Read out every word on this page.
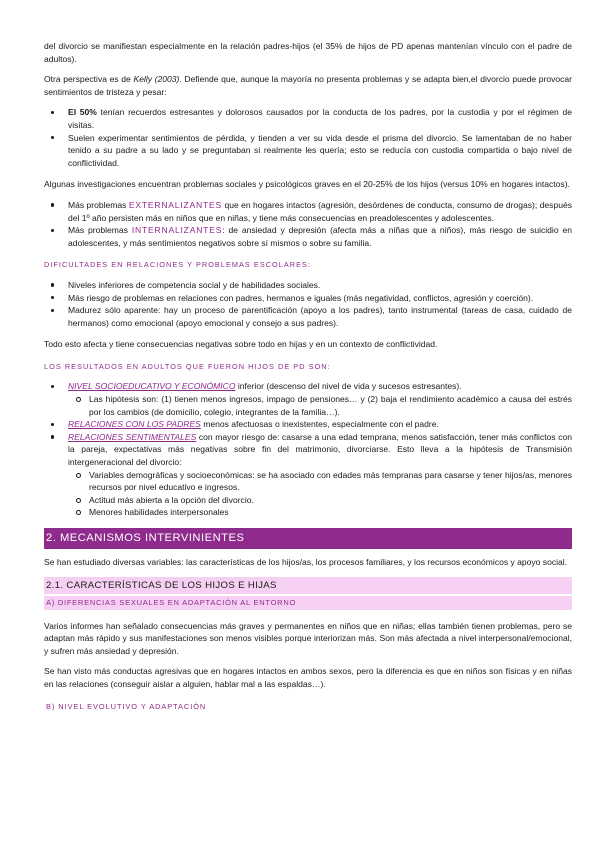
del divorcio se manifiestan especialmente en la relación padres-hijos (el 35% de hijos de PD apenas mantenían vínculo con el padre de adultos).

Otra perspectiva es de Kelly (2003). Defiende que, aunque la mayoría no presenta problemas y se adapta bien,el divorcio puede provocar sentimientos de tristeza y pesar:

El 50% tenían recuerdos estresantes y dolorosos causados por la conducta de los padres, por la custodia y por el régimen de visitas.
Suelen experimentar sentimientos de pérdida, y tienden a ver su vida desde el prisma del divorcio. Se lamentaban de no haber tenido a su padre a su lado y se preguntaban si realmente les quería; esto se reducía con custodia compartida o bajo nivel de conflictividad.

Algunas investigaciones encuentran problemas sociales y psicológicos graves en el 20-25% de los hijos (versus 10% en hogares intactos).

Más problemas EXTERNALIZANTES que en hogares intactos (agresión, desórdenes de conducta, consumo de drogas); después del 1º año persisten más en niños que en niñas, y tiene más consecuencias en preadolescentes y adolescentes.
Más problemas INTERNALIZANTES: de ansiedad y depresión (afecta más a niñas que a niños), más riesgo de suicidio en adolescentes, y más sentimientos negativos sobre sí mismos o sobre su familia.
DIFICULTADES EN RELACIONES Y PROBLEMAS ESCOLARES:
Niveles inferiores de competencia social y de habilidades sociales.
Más riesgo de problemas en relaciones con padres, hermanos e iguales (más negatividad, conflictos, agresión y coerción).
Madurez sólo aparente: hay un proceso de parentificación (apoyo a los padres), tanto instrumental (tareas de casa, cuidado de hermanos) como emocional (apoyo emocional y consejo a sus padres).

Todo esto afecta y tiene consecuencias negativas sobre todo en hijas y en un contexto de conflictividad.

LOS RESULTADOS EN ADULTOS QUE FUERON HIJOS DE PD SON:
NIVEL SOCIOEDUCATIVO Y ECONÓMICO inferior (descenso del nivel de vida y sucesos estresantes).
Las hipótesis son: (1) tienen menos ingresos, impago de pensiones… y (2) baja el rendimiento académico a causa del estrés por los cambios (de domicilio, colegio, integrantes de la familia…).
RELACIONES CON LOS PADRES menos afectuosas o inexistentes, especialmente con el padre.
RELACIONES SENTIMENTALES con mayor riesgo de: casarse a una edad temprana, menos satisfacción, tener más conflictos con la pareja, expectativas más negativas sobre fin del matrimonio, divorciarse. Esto lleva a la hipótesis de Transmisión intergeneracional del divorcio:
Variables demográficas y socioeconómicas: se ha asociado con edades más tempranas para casarse y tener hijos/as, menores recursos por nivel educativo e ingresos.
Actitud más abierta a la opción del divorcio.
Menores habilidades interpersonales
2. MECANISMOS INTERVINIENTES

Se han estudiado diversas variables: las características de los hijos/as, los procesos familiares, y los recursos económicos y apoyo social.

2.1. CARACTERÍSTICAS DE LOS HIJOS E HIJAS
A) DIFERENCIAS SEXUALES EN ADAPTACIÓN AL ENTORNO

Varios informes han señalado consecuencias más graves y permanentes en niños que en niñas; ellas también tienen problemas, pero se adaptan más rápido y sus manifestaciones son menos visibles porque interiorizan más. Son más afectada a nivel interpersonal/emocional, y sufren más ansiedad y depresión.

Se han visto más conductas agresivas que en hogares intactos en ambos sexos, pero la diferencia es que en niños son físicas y en niñas en las relaciones (conseguir aislar a alguien, hablar mal a las espaldas…).

B) NIVEL EVOLUTIVO Y ADAPTACIÓN
